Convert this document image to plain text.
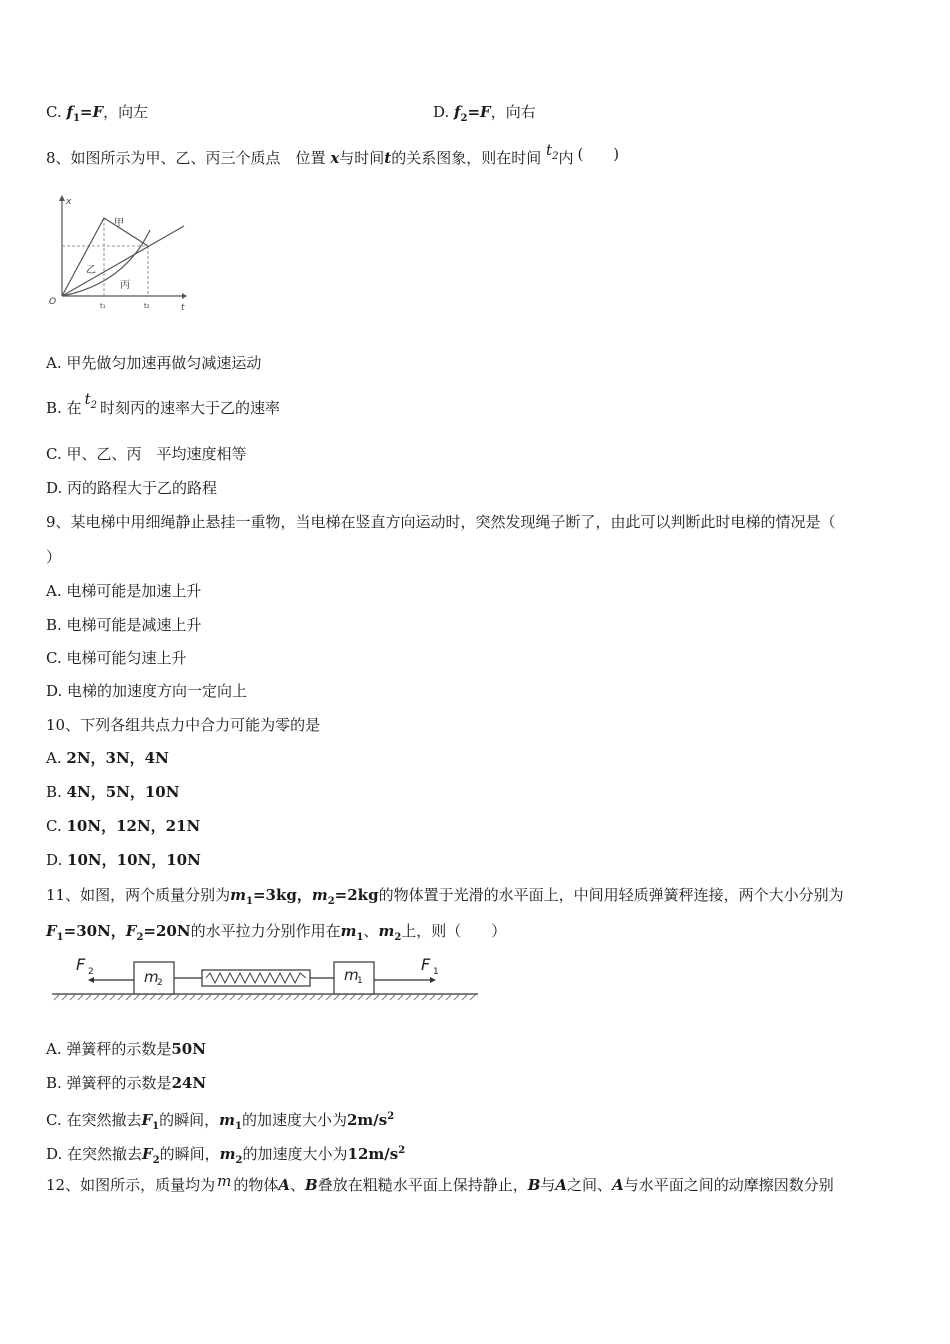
C. $f_1=F$，向左	D. $f_2=F$，向右
8、如图所示为甲、乙、丙三个质点　位置 x与时间t的关系图象，则在时间 $t_2$内 (　　)
x
t
O
甲
乙
丙
t₁	t₂
A. 甲先做匀加速再做匀减速运动
B. 在 $t_2$ 时刻丙的速率大于乙的速率
C. 甲、乙、丙　平均速度相等
D. 丙的路程大于乙的路程
9、某电梯中用细绳静止悬挂一重物，当电梯在竖直方向运动时，突然发现绳子断了，由此可以判断此时电梯的情况是（
）
A. 电梯可能是加速上升
B. 电梯可能是减速上升
C. 电梯可能匀速上升
D. 电梯的加速度方向一定向上
10、下列各组共点力中合力可能为零的是
A. 2N，3N，4N
B. 4N，5N，10N
C. 10N，12N，21N
D. 10N，10N，10N
11、如图，两个质量分别为$m_1=3kg$，$m_2=2kg$的物体置于光滑的水平面上，中间用轻质弹簧秤连接，两个大小分别为
$F_1=30N$，$F_2=20N$的水平拉力分别作用在$m_1$、$m_2$上，则（　　）
F 2	m
2	m
1
F 1
A. 弹簧秤的示数是50N
B. 弹簧秤的示数是24N
C. 在突然撤去$F_1$的瞬间，$m_1$的加速度大小为$2m/s^2$
D. 在突然撤去$F_2$的瞬间，$m_2$的加速度大小为$12m/s^2$
12、如图所示，质量均为 m 的物体A、B叠放在粗糙水平面上保持静止，B与A之间、A与水平面之间的动摩擦因数分别
